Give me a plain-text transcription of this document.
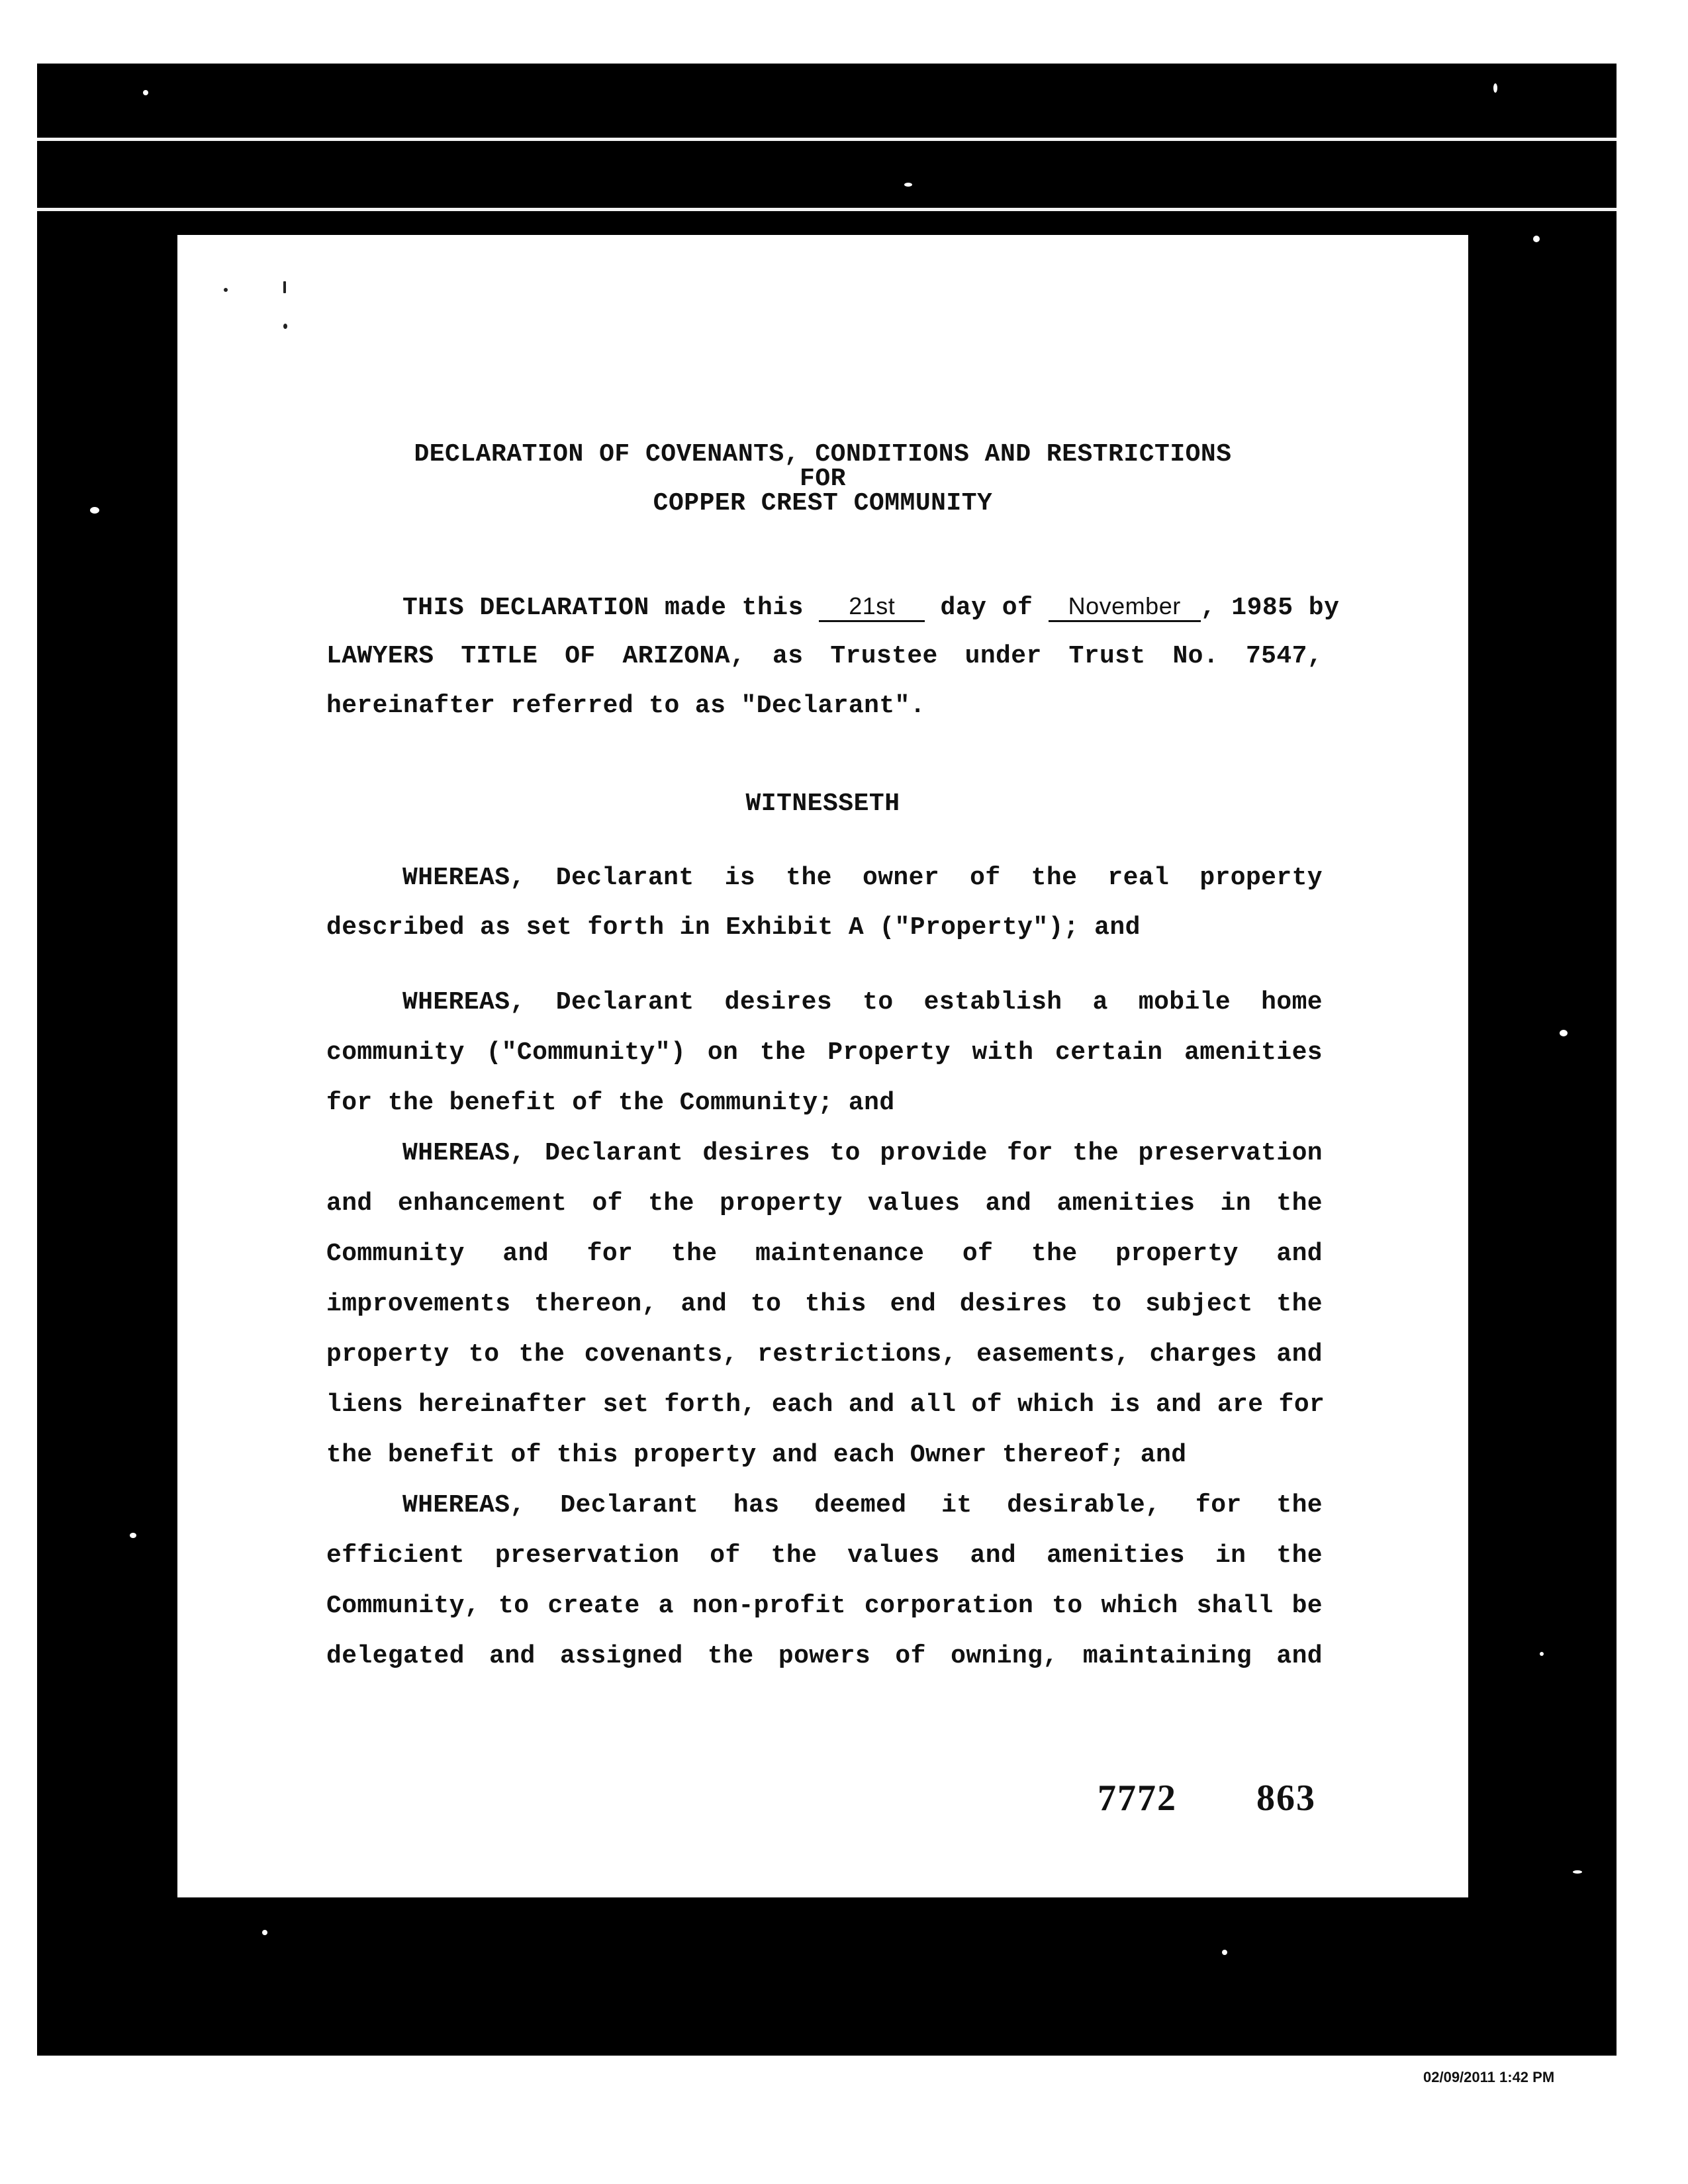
DECLARATION OF COVENANTS, CONDITIONS AND RESTRICTIONS
FOR
COPPER CREST COMMUNITY
THIS DECLARATION made this 21st day of November , 1985 by
LAWYERS TITLE OF ARIZONA, as Trustee under Trust No. 7547,
hereinafter referred to as "Declarant".
WITNESSETH
WHEREAS, Declarant is the owner of the real property
described as set forth in Exhibit A ("Property"); and
WHEREAS, Declarant desires to establish a mobile home
community ("Community") on the Property with certain amenities
for the benefit of the Community; and
WHEREAS, Declarant desires to provide for the preservation
and enhancement of the property values and amenities in the
Community and for the maintenance of the property and
improvements thereon, and to this end desires to subject the
property to the covenants, restrictions, easements, charges and
liens hereinafter set forth, each and all of which is and are for
the benefit of this property and each Owner thereof; and
WHEREAS, Declarant has deemed it desirable, for the
efficient preservation of the values and amenities in the
Community, to create a non-profit corporation to which shall be
delegated and assigned the powers of owning, maintaining and
7772 863
02/09/2011 1:42 PM
